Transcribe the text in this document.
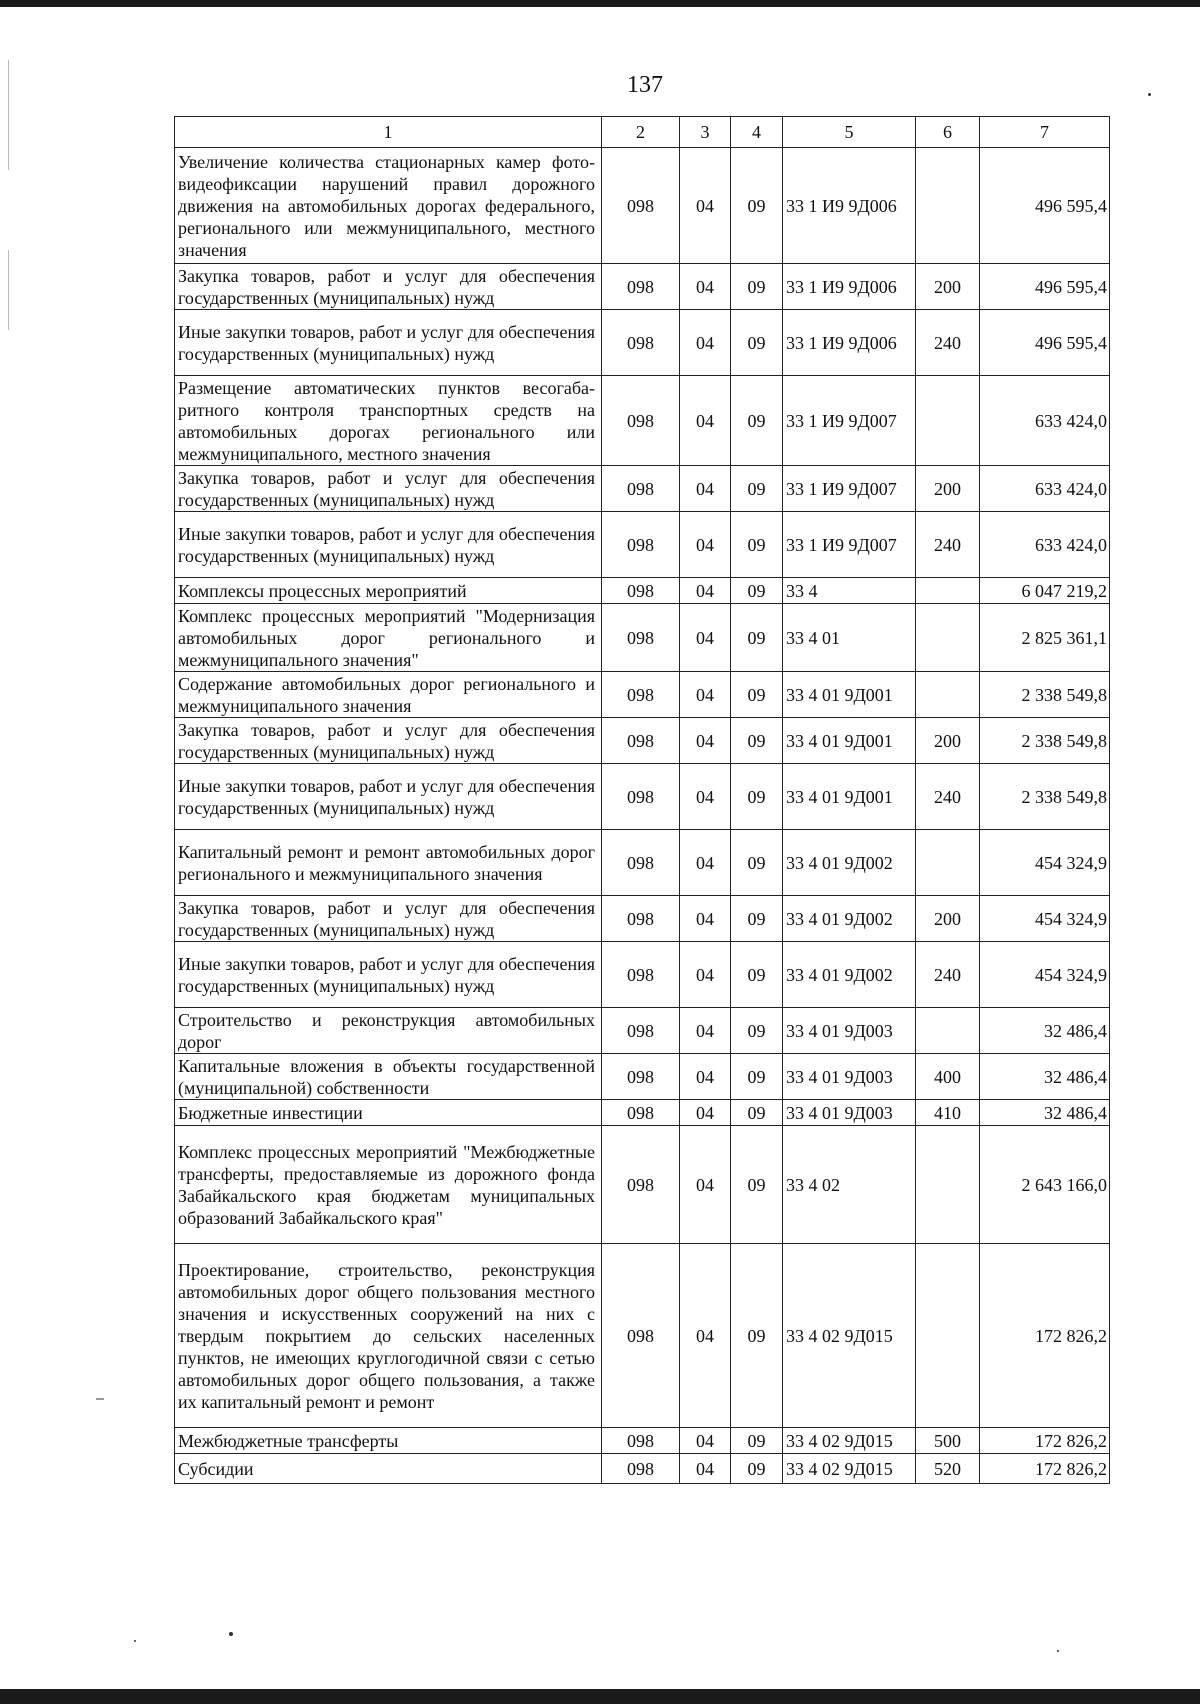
137
1	2	3	4	5	6	7
Увеличение количества стационарных камер фотовидеофиксации нарушений правил дорожного движения на автомобильных дорогах федерального, регионального или межмуниципального, местного значения	098	04	09	33 1 И9 9Д006		496 595,4
Закупка товаров, работ и услуг для обеспечения государственных (муниципальных) нужд	098	04	09	33 1 И9 9Д006	200	496 595,4
Иные закупки товаров, работ и услуг для обеспечения государственных (муниципальных) нужд	098	04	09	33 1 И9 9Д006	240	496 595,4
Размещение автоматических пунктов весогабаритного контроля транспортных средств на автомобильных дорогах регионального или межмуниципального, местного значения	098	04	09	33 1 И9 9Д007		633 424,0
Закупка товаров, работ и услуг для обеспечения государственных (муниципальных) нужд	098	04	09	33 1 И9 9Д007	200	633 424,0
Иные закупки товаров, работ и услуг для обеспечения государственных (муниципальных) нужд	098	04	09	33 1 И9 9Д007	240	633 424,0
Комплексы процессных мероприятий	098	04	09	33 4		6 047 219,2
Комплекс процессных мероприятий "Модернизация автомобильных дорог регионального и межмуниципального значения"	098	04	09	33 4 01		2 825 361,1
Содержание автомобильных дорог регионального и межмуниципального значения	098	04	09	33 4 01 9Д001		2 338 549,8
Закупка товаров, работ и услуг для обеспечения государственных (муниципальных) нужд	098	04	09	33 4 01 9Д001	200	2 338 549,8
Иные закупки товаров, работ и услуг для обеспечения государственных (муниципальных) нужд	098	04	09	33 4 01 9Д001	240	2 338 549,8
Капитальный ремонт и ремонт автомобильных дорог регионального и межмуниципального значения	098	04	09	33 4 01 9Д002		454 324,9
Закупка товаров, работ и услуг для обеспечения государственных (муниципальных) нужд	098	04	09	33 4 01 9Д002	200	454 324,9
Иные закупки товаров, работ и услуг для обеспечения государственных (муниципальных) нужд	098	04	09	33 4 01 9Д002	240	454 324,9
Строительство и реконструкция автомобильных дорог	098	04	09	33 4 01 9Д003		32 486,4
Капитальные вложения в объекты государственной (муниципальной) собственности	098	04	09	33 4 01 9Д003	400	32 486,4
Бюджетные инвестиции	098	04	09	33 4 01 9Д003	410	32 486,4
Комплекс процессных мероприятий "Межбюджетные трансферты, предоставляемые из дорожного фонда Забайкальского края бюджетам муниципальных образований Забайкальского края"	098	04	09	33 4 02		2 643 166,0
Проектирование, строительство, реконструкция автомобильных дорог общего пользования местного значения и искусственных сооружений на них с твердым покрытием до сельских населенных пунктов, не имеющих круглогодичной связи с сетью автомобильных дорог общего пользования, а также их капитальный ремонт и ремонт	098	04	09	33 4 02 9Д015		172 826,2
Межбюджетные трансферты	098	04	09	33 4 02 9Д015	500	172 826,2
Субсидии	098	04	09	33 4 02 9Д015	520	172 826,2
